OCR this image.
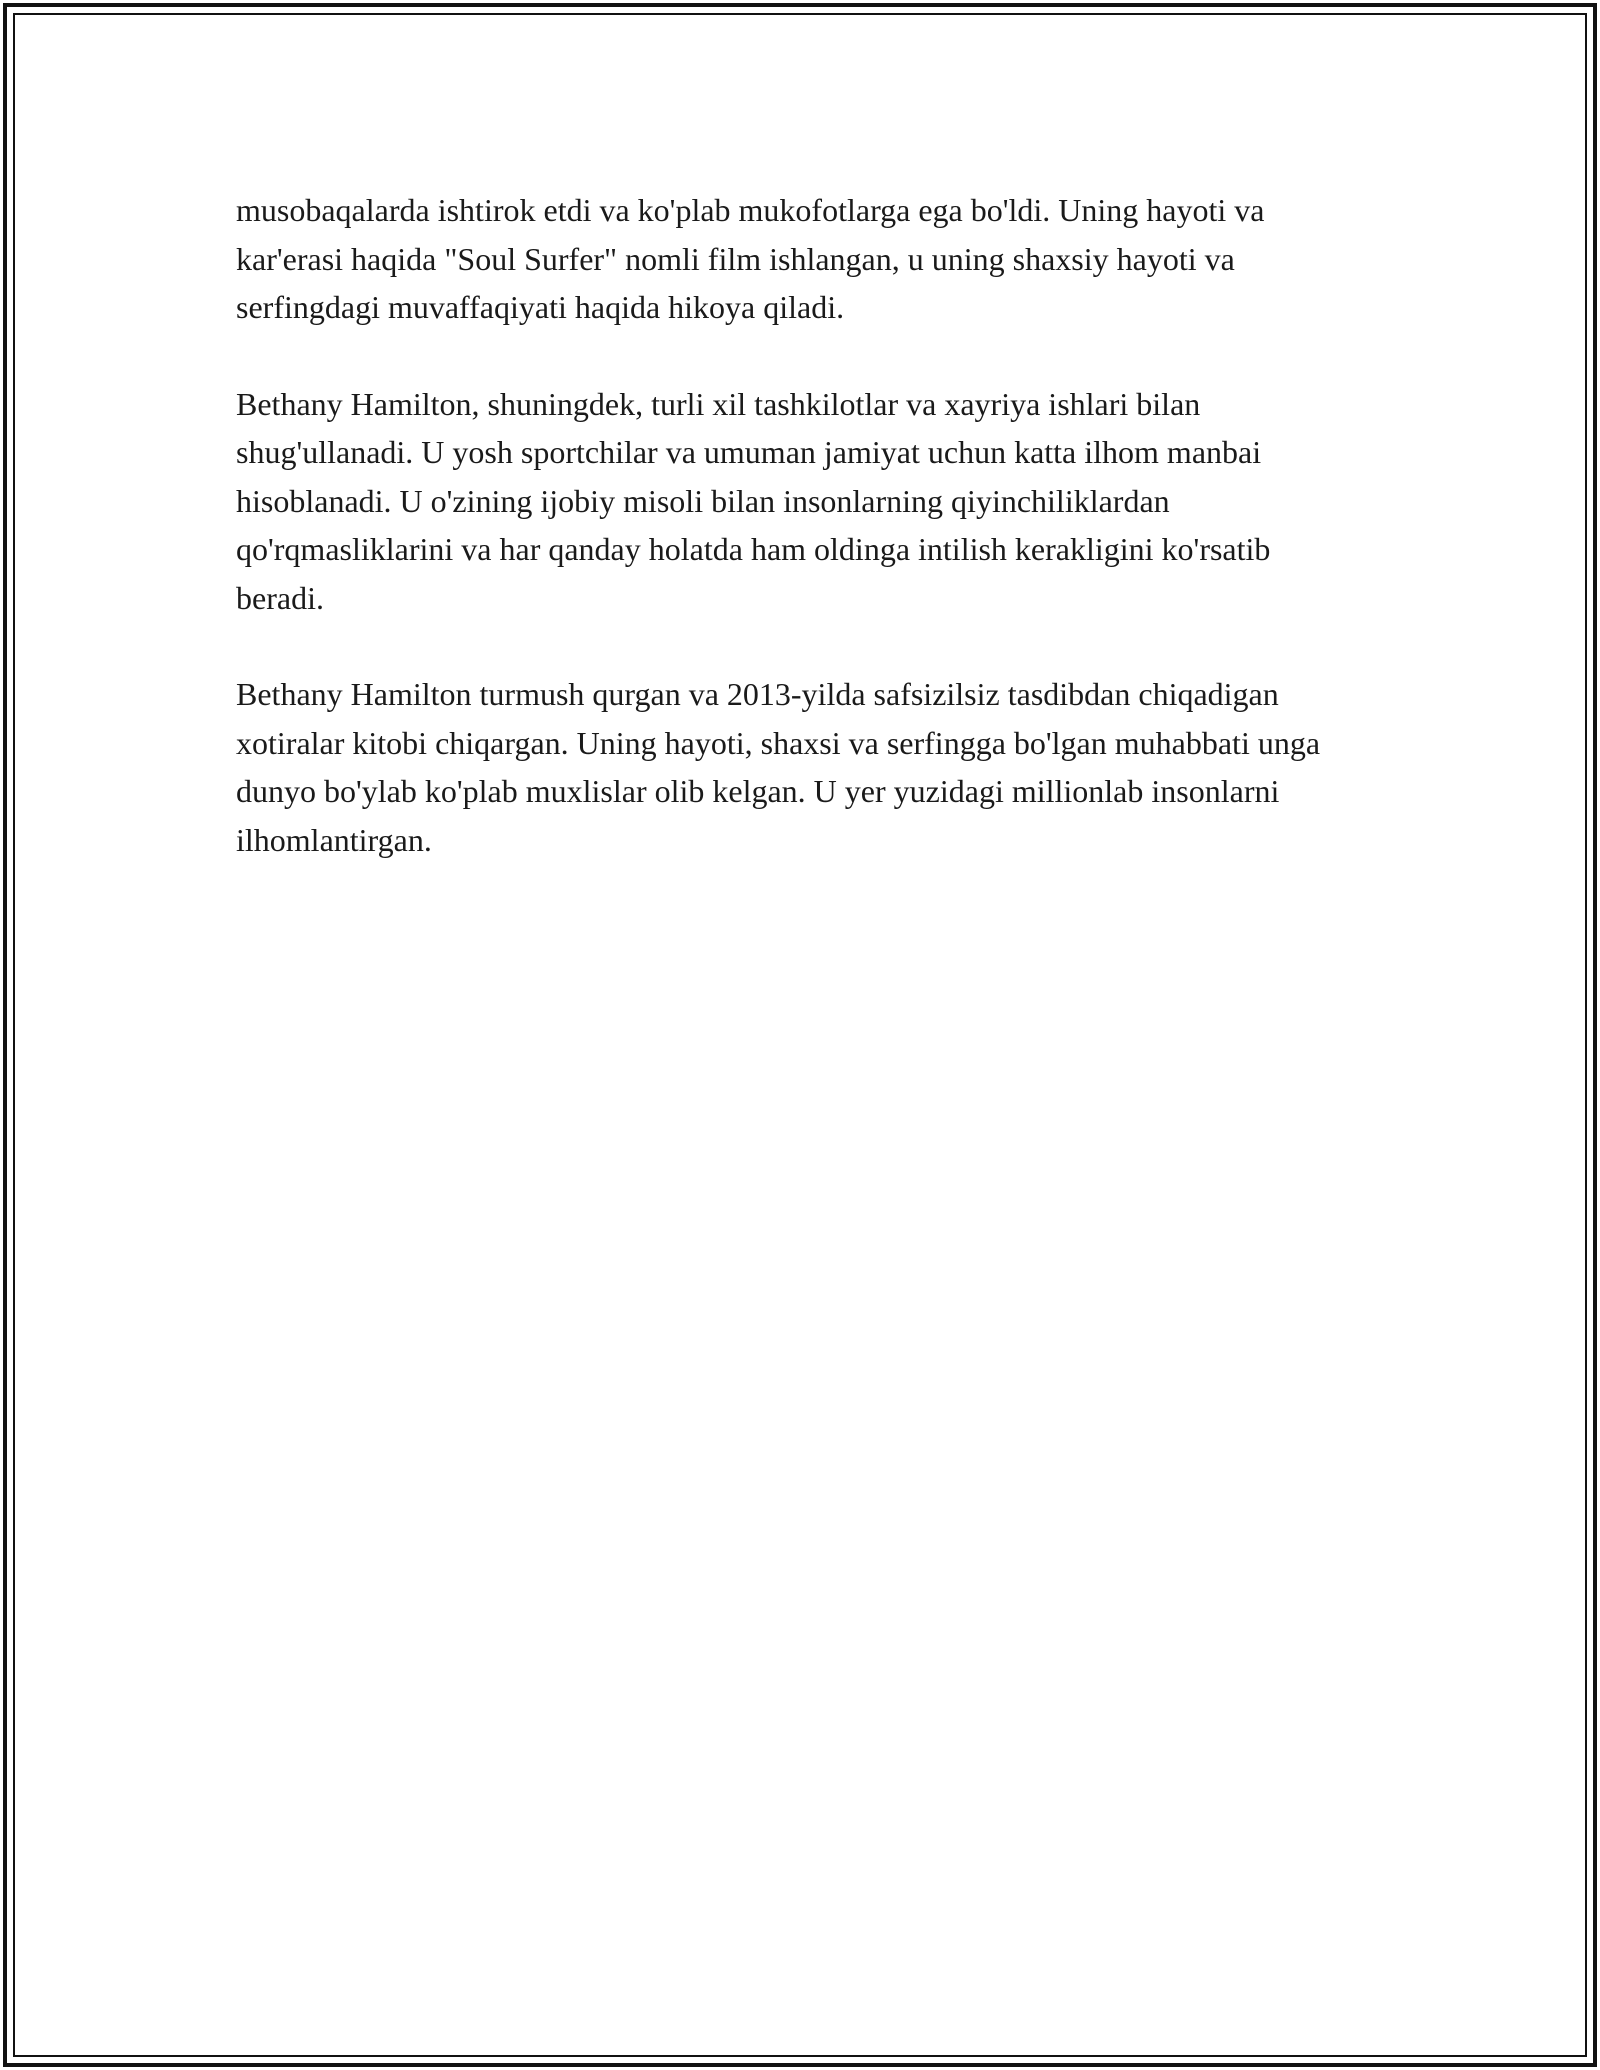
musobaqalarda ishtirok etdi va ko'plab mukofotlarga ega bo'ldi. Uning hayoti va kar'erasi haqida "Soul Surfer" nomli film ishlangan, u uning shaxsiy hayoti va serfingdagi muvaffaqiyati haqida hikoya qiladi.

Bethany Hamilton, shuningdek, turli xil tashkilotlar va xayriya ishlari bilan shug'ullanadi. U yosh sportchilar va umuman jamiyat uchun katta ilhom manbai hisoblanadi. U o'zining ijobiy misoli bilan insonlarning qiyinchiliklardan qo'rqmasliklarini va har qanday holatda ham oldinga intilish kerakligini ko'rsatib beradi.

Bethany Hamilton turmush qurgan va 2013-yilda safsizilsiz tasdibdan chiqadigan xotiralar kitobi chiqargan. Uning hayoti, shaxsi va serfingga bo'lgan muhabbati unga dunyo bo'ylab ko'plab muxlislar olib kelgan. U yer yuzidagi millionlab insonlarni ilhomlantirgan.
